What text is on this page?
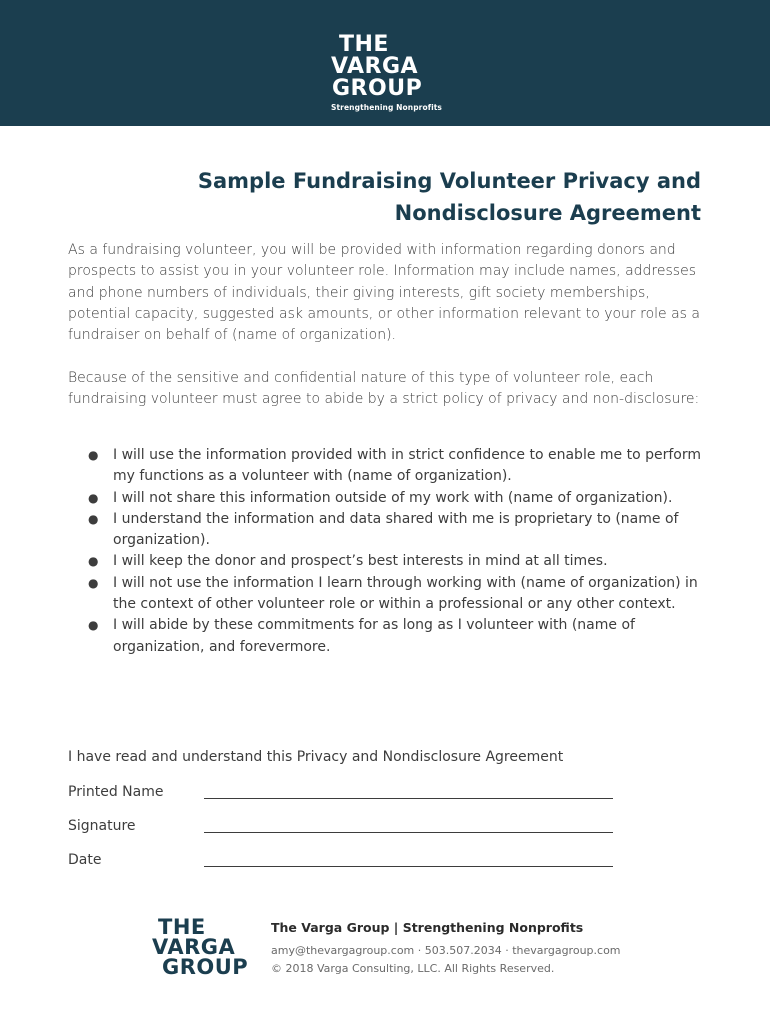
THE
VARGA
GROUP
Strengthening Nonprofits
Sample Fundraising Volunteer Privacy and
Nondisclosure Agreement

As a fundraising volunteer, you will be provided with information regarding donors and prospects to assist you in your volunteer role. Information may include names, addresses and phone numbers of individuals, their giving interests, gift society memberships, potential capacity, suggested ask amounts, or other information relevant to your role as a fundraiser on behalf of (name of organization).

Because of the sensitive and confidential nature of this type of volunteer role, each fundraising volunteer must agree to abide by a strict policy of privacy and non-disclosure:

● I will use the information provided with in strict confidence to enable me to perform my functions as a volunteer with (name of organization).
● I will not share this information outside of my work with (name of organization).
● I understand the information and data shared with me is proprietary to (name of organization).
● I will keep the donor and prospect’s best interests in mind at all times.
● I will not use the information I learn through working with (name of organization) in the context of other volunteer role or within a professional or any other context.
● I will abide by these commitments for as long as I volunteer with (name of organization, and forevermore.

I have read and understand this Privacy and Nondisclosure Agreement

Printed Name
Signature
Date
THE
VARGA
GROUP
The Varga Group | Strengthening Nonprofits
amy@thevargagroup.com · 503.507.2034 · thevargagroup.com
© 2018 Varga Consulting, LLC. All Rights Reserved.
